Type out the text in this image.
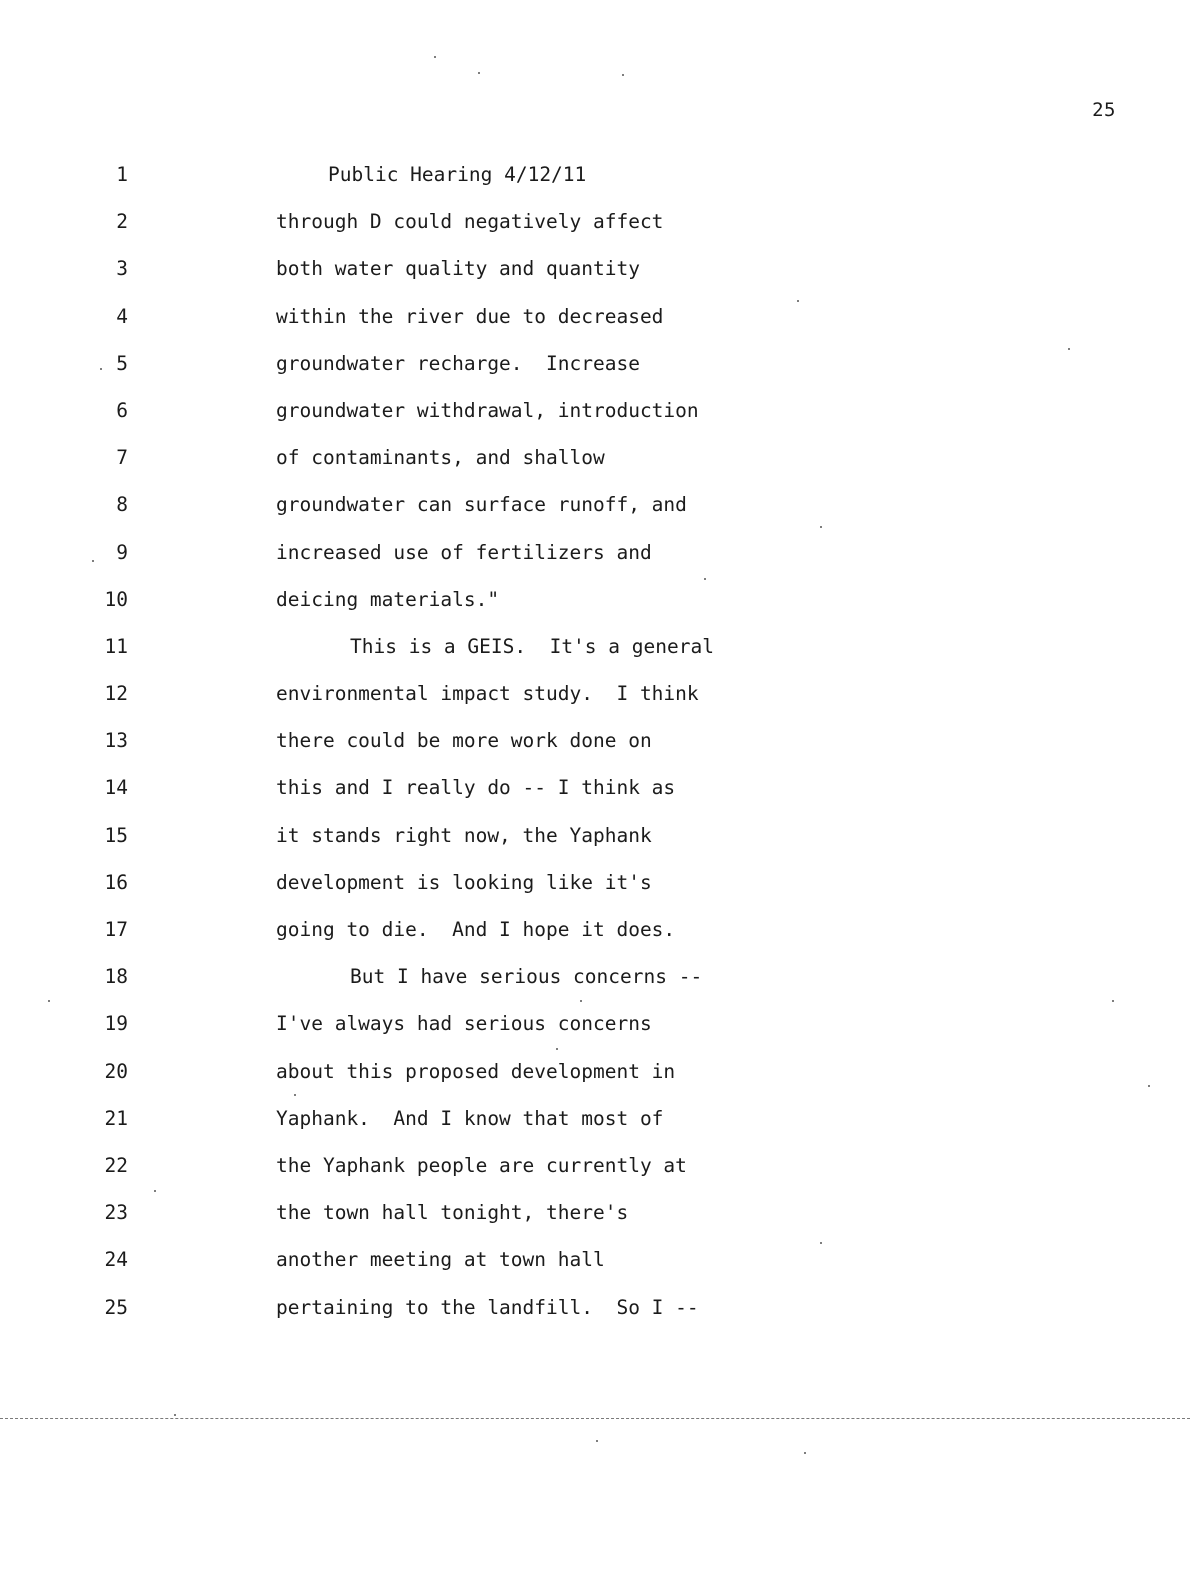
25
1	Public Hearing 4/12/11
2	through D could negatively affect
3	both water quality and quantity
4	within the river due to decreased
5	groundwater recharge.  Increase
6	groundwater withdrawal, introduction
7	of contaminants, and shallow
8	groundwater can surface runoff, and
9	increased use of fertilizers and
10	deicing materials."
11	This is a GEIS.  It's a general
12	environmental impact study.  I think
13	there could be more work done on
14	this and I really do -- I think as
15	it stands right now, the Yaphank
16	development is looking like it's
17	going to die.  And I hope it does.
18	But I have serious concerns --
19	I've always had serious concerns
20	about this proposed development in
21	Yaphank.  And I know that most of
22	the Yaphank people are currently at
23	the town hall tonight, there's
24	another meeting at town hall
25	pertaining to the landfill.  So I --
